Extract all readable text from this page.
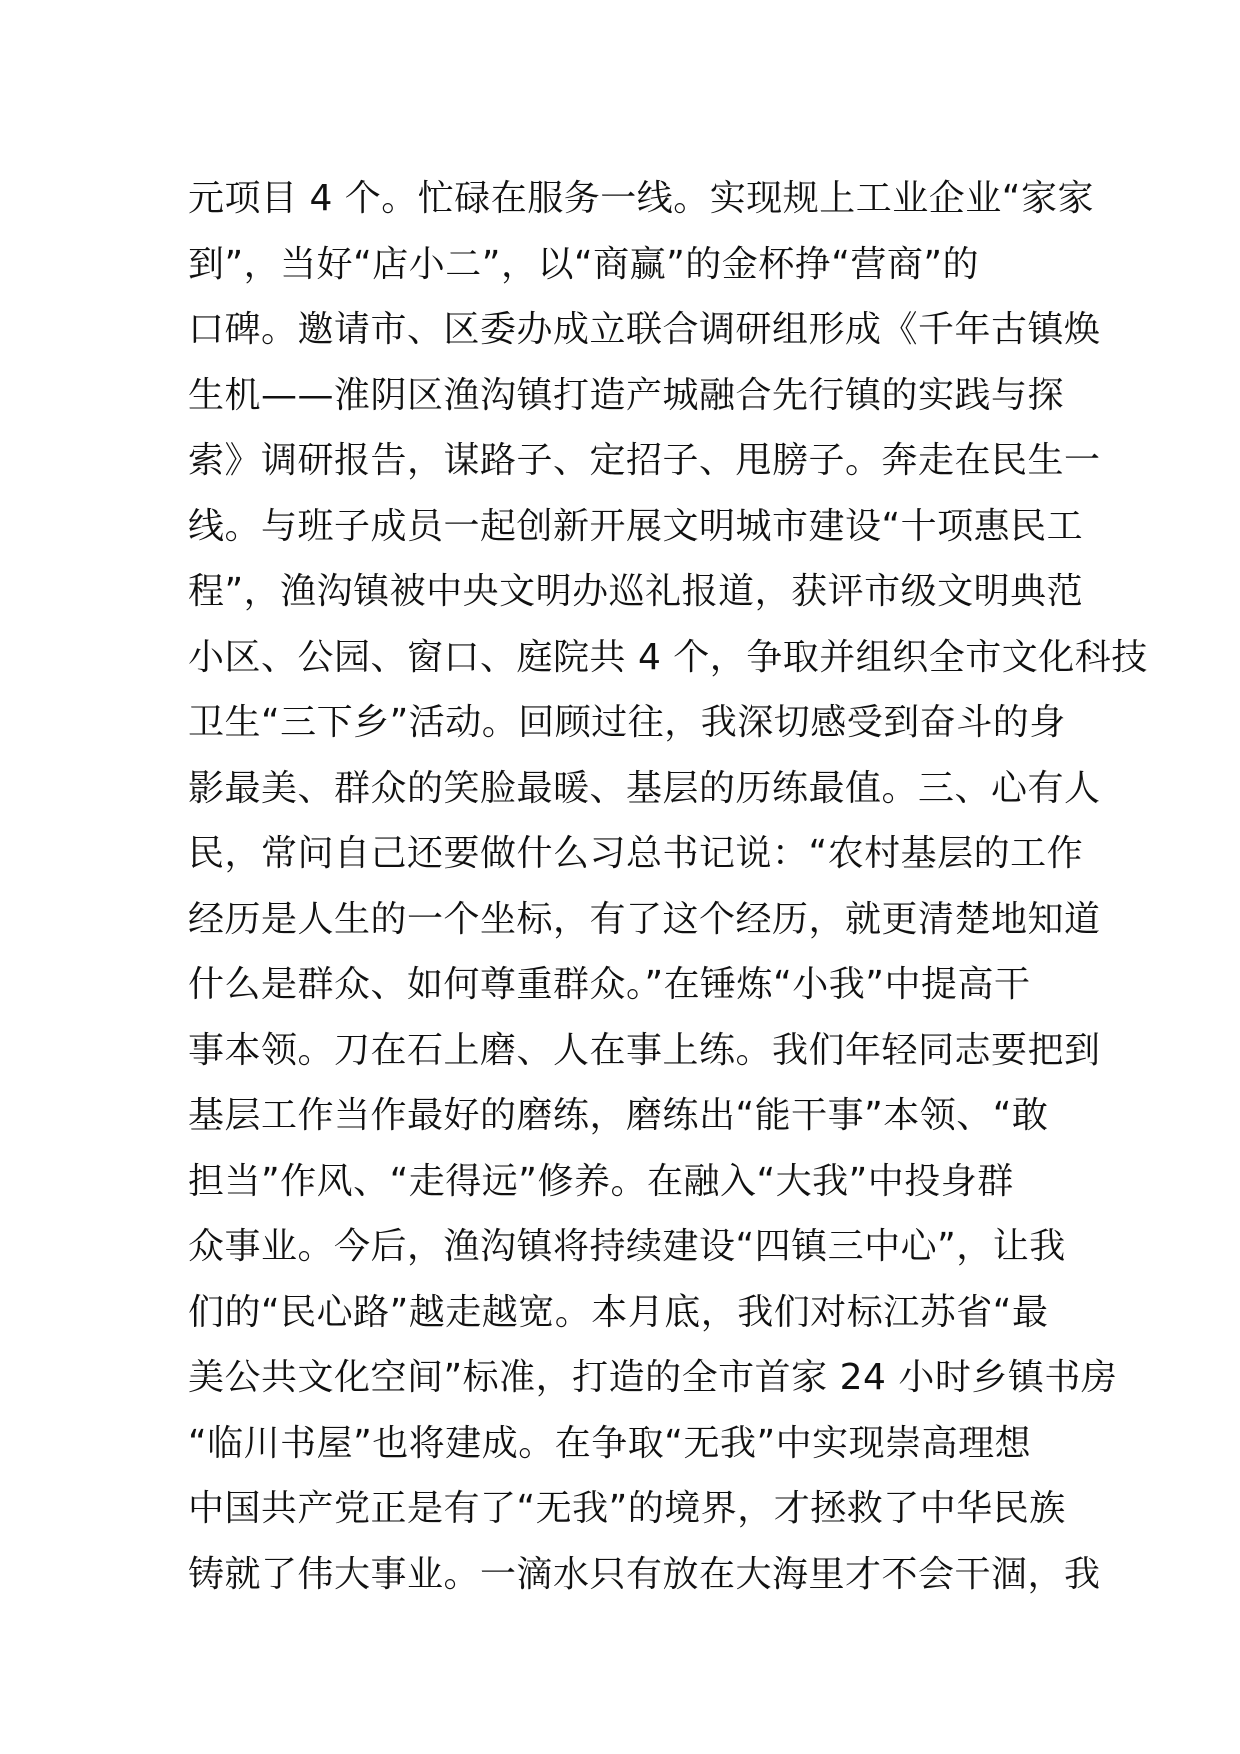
元项目 4 个。忙碌在服务一线。实现规上工业企业“家家
到”，当好“店小二”，以“商赢”的金杯挣“营商”的
口碑。邀请市、区委办成立联合调研组形成《千年古镇焕
生机——淮阴区渔沟镇打造产城融合先行镇的实践与探
索》调研报告，谋路子、定招子、甩膀子。奔走在民生一
线。与班子成员一起创新开展文明城市建设“十项惠民工
程”，渔沟镇被中央文明办巡礼报道，获评市级文明典范
小区、公园、窗口、庭院共 4 个，争取并组织全市文化科技
卫生“三下乡”活动。回顾过往，我深切感受到奋斗的身
影最美、群众的笑脸最暖、基层的历练最值。三、心有人
民，常问自己还要做什么习总书记说：“农村基层的工作
经历是人生的一个坐标，有了这个经历，就更清楚地知道
什么是群众、如何尊重群众。”在锤炼“小我”中提高干
事本领。刀在石上磨、人在事上练。我们年轻同志要把到
基层工作当作最好的磨练，磨练出“能干事”本领、“敢
担当”作风、“走得远”修养。在融入“大我”中投身群
众事业。今后，渔沟镇将持续建设“四镇三中心”，让我
们的“民心路”越走越宽。本月底，我们对标江苏省“最
美公共文化空间”标准，打造的全市首家 24 小时乡镇书房
“临川书屋”也将建成。在争取“无我”中实现崇高理想
中国共产党正是有了“无我”的境界，才拯救了中华民族
铸就了伟大事业。一滴水只有放在大海里才不会干涸，我
